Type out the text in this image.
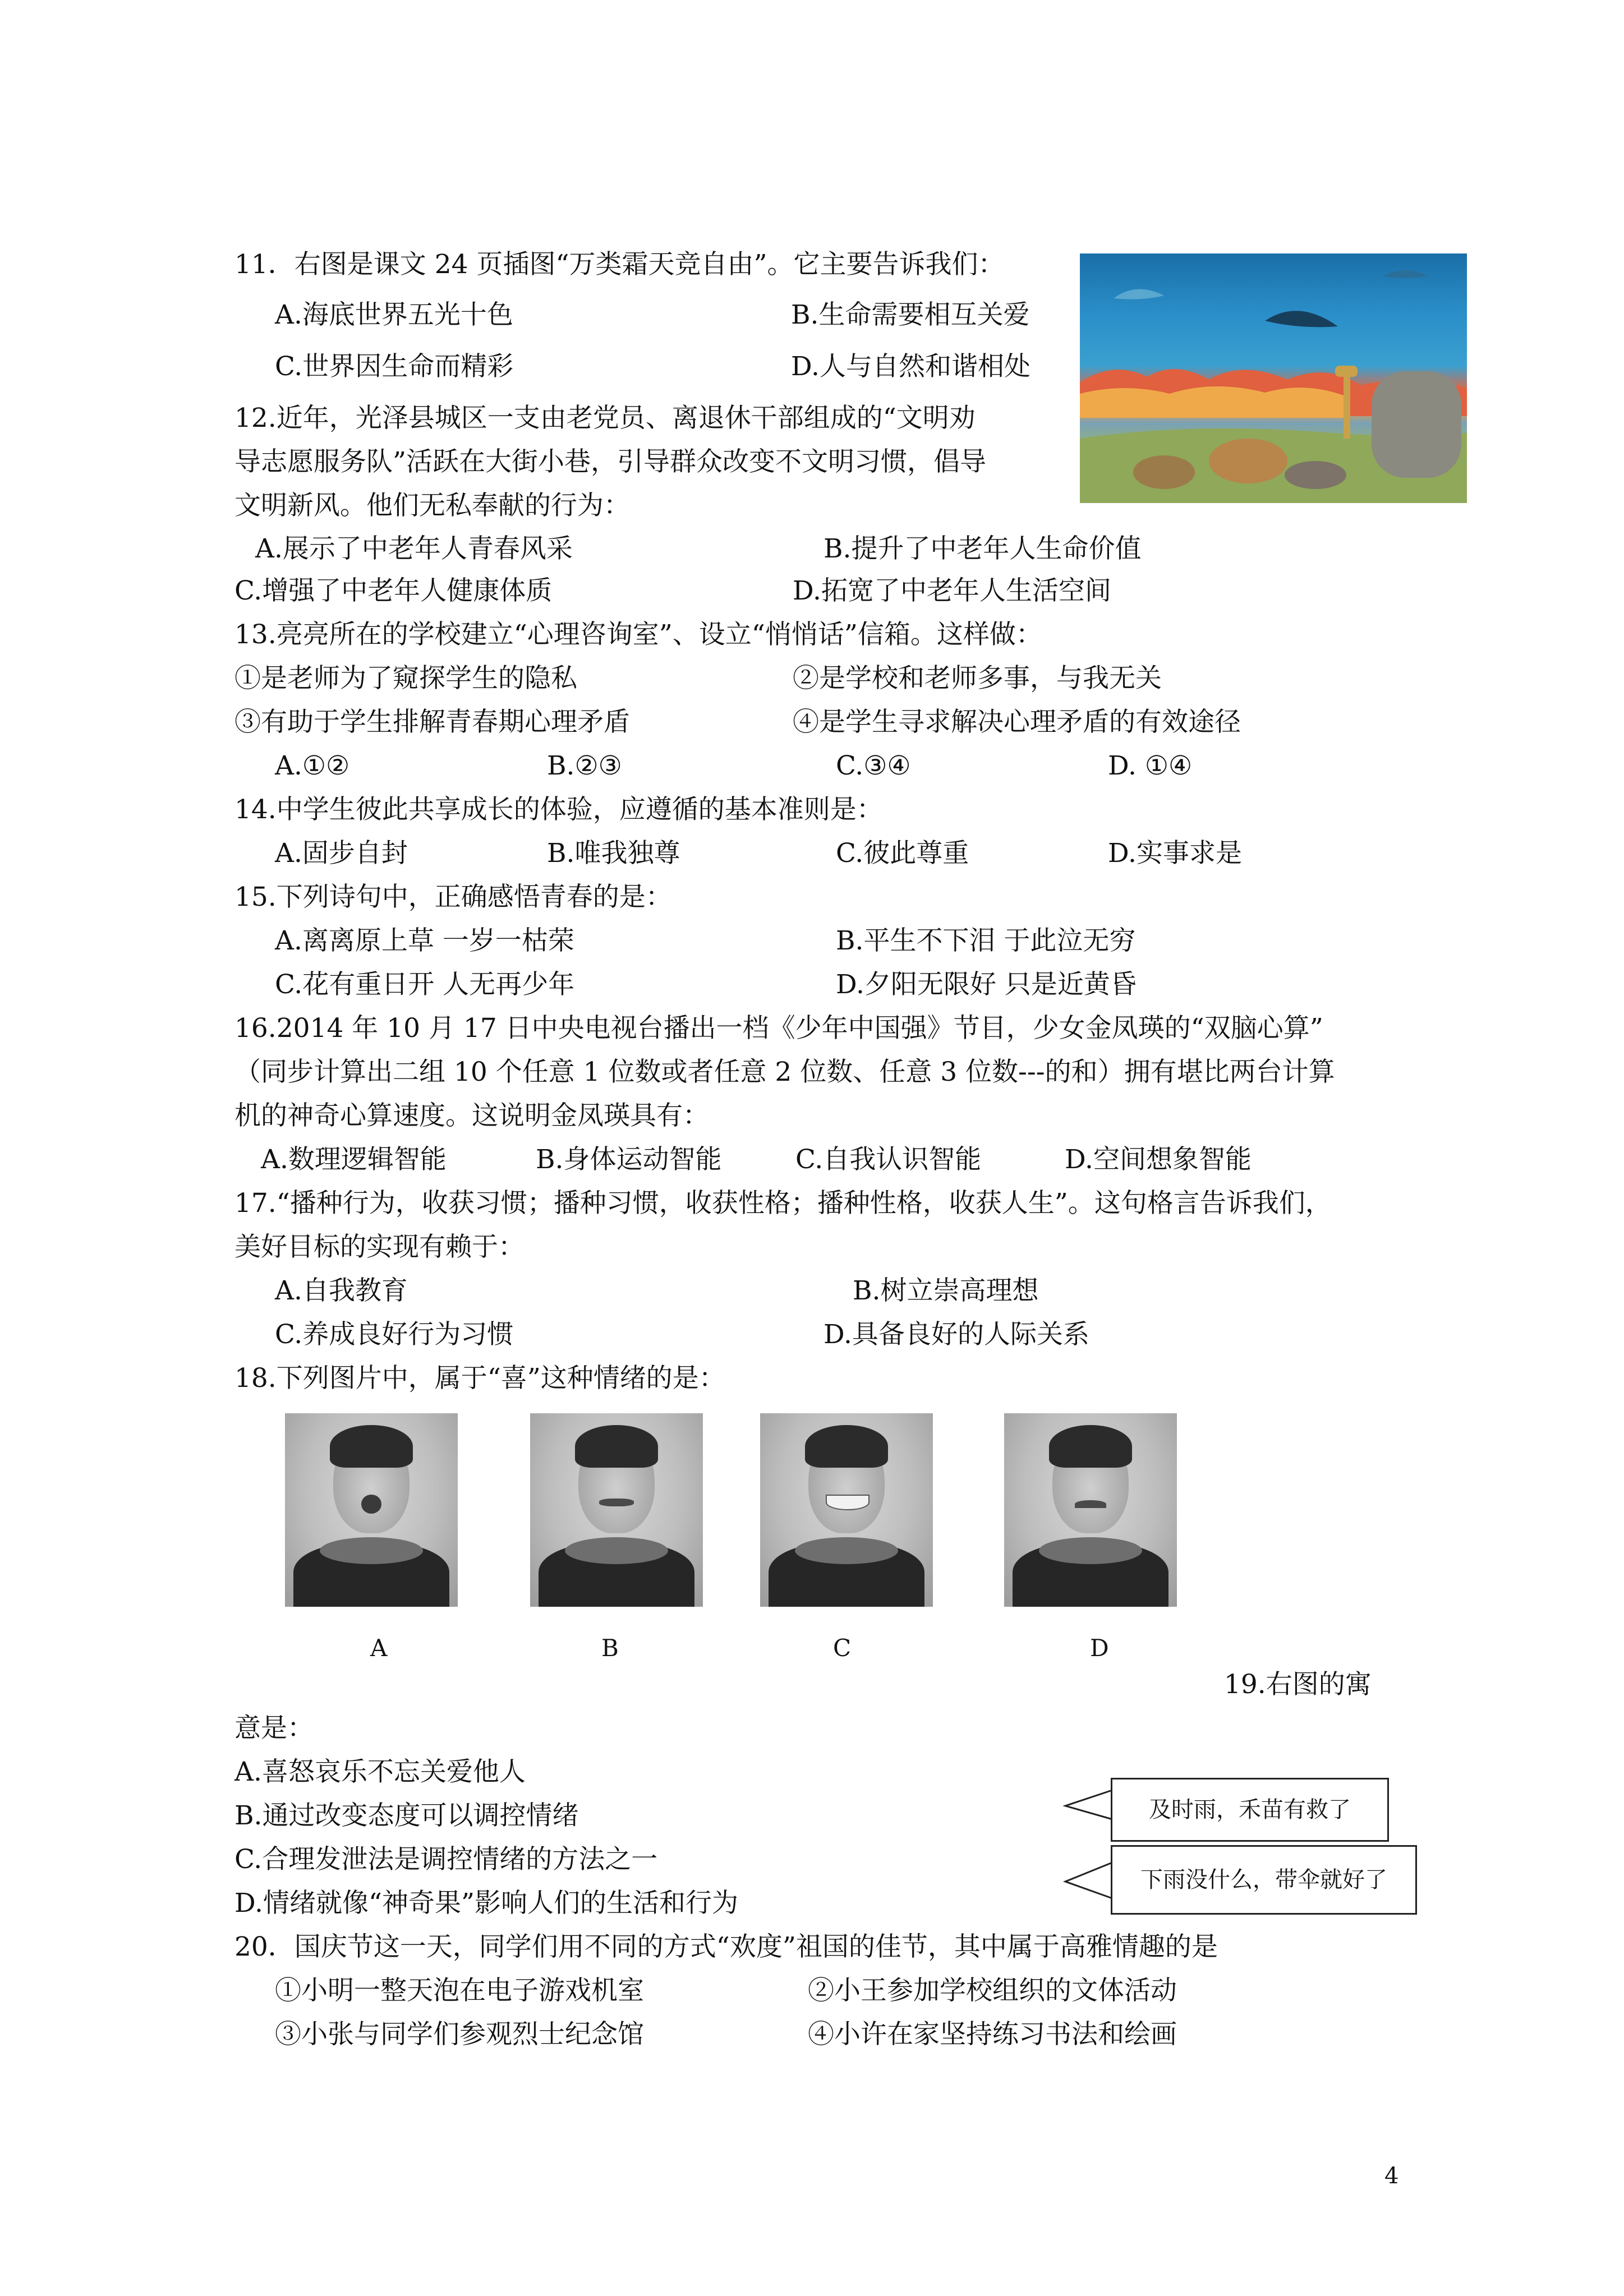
11．右图是课文 24 页插图“万类霜天竞自由”。它主要告诉我们：
A.海底世界五光十色	B.生命需要相互关爱
C.世界因生命而精彩	D.人与自然和谐相处
12.近年，光泽县城区一支由老党员、离退休干部组成的“文明劝
导志愿服务队”活跃在大街小巷，引导群众改变不文明习惯，倡导
文明新风。他们无私奉献的行为：
A.展示了中老年人青春风采	B.提升了中老年人生命价值
C.增强了中老年人健康体质	D.拓宽了中老年人生活空间
13.亮亮所在的学校建立“心理咨询室”、设立“悄悄话”信箱。这样做：
①是老师为了窥探学生的隐私	②是学校和老师多事，与我无关
③有助于学生排解青春期心理矛盾	④是学生寻求解决心理矛盾的有效途径
A.①②	B.②③	C.③④	D. ①④
14.中学生彼此共享成长的体验，应遵循的基本准则是：
A.固步自封	B.唯我独尊	C.彼此尊重	D.实事求是
15.下列诗句中，正确感悟青春的是：
A.离离原上草 一岁一枯荣	B.平生不下泪 于此泣无穷
C.花有重日开 人无再少年	D.夕阳无限好 只是近黄昏
16.2014 年 10 月 17 日中央电视台播出一档《少年中国强》节目，少女金凤瑛的“双脑心算”
（同步计算出二组 10 个任意 1 位数或者任意 2 位数、任意 3 位数---的和）拥有堪比两台计算
机的神奇心算速度。这说明金凤瑛具有：
A.数理逻辑智能	B.身体运动智能	C.自我认识智能	D.空间想象智能
17.“播种行为，收获习惯；播种习惯，收获性格；播种性格，收获人生”。这句格言告诉我们，
美好目标的实现有赖于：
A.自我教育	B.树立崇高理想
C.养成良好行为习惯	D.具备良好的人际关系
18.下列图片中，属于“喜”这种情绪的是：
A	B	C	D
19.右图的寓
意是：
A.喜怒哀乐不忘关爱他人
B.通过改变态度可以调控情绪
C.合理发泄法是调控情绪的方法之一
D.情绪就像“神奇果”影响人们的生活和行为
及时雨，禾苗有救了
下雨没什么，带伞就好了
20．国庆节这一天，同学们用不同的方式“欢度”祖国的佳节，其中属于高雅情趣的是
①小明一整天泡在电子游戏机室	②小王参加学校组织的文体活动
③小张与同学们参观烈士纪念馆	④小许在家坚持练习书法和绘画
4
